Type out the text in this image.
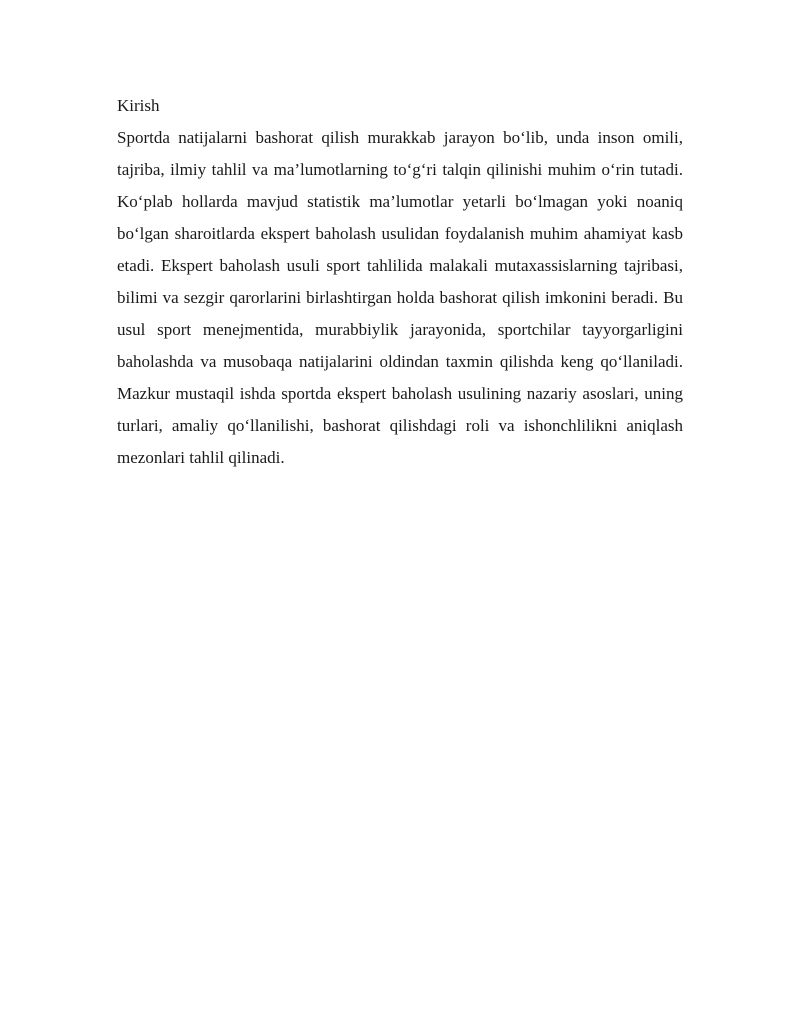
Kirish

Sportda natijalarni bashorat qilish murakkab jarayon bo‘lib, unda inson omili, tajriba, ilmiy tahlil va ma’lumotlarning to‘g‘ri talqin qilinishi muhim o‘rin tutadi. Ko‘plab hollarda mavjud statistik ma’lumotlar yetarli bo‘lmagan yoki noaniq bo‘lgan sharoitlarda ekspert baholash usulidan foydalanish muhim ahamiyat kasb etadi. Ekspert baholash usuli sport tahlilida malakali mutaxassislarning tajribasi, bilimi va sezgir qarorlarini birlashtirgan holda bashorat qilish imkonini beradi. Bu usul sport menejmentida, murabbiylik jarayonida, sportchilar tayyorgarligini baholashda va musobaqa natijalarini oldindan taxmin qilishda keng qo‘llaniladi.

Mazkur mustaqil ishda sportda ekspert baholash usulining nazariy asoslari, uning turlari, amaliy qo‘llanilishi, bashorat qilishdagi roli va ishonchlilikni aniqlash mezonlari tahlil qilinadi.
